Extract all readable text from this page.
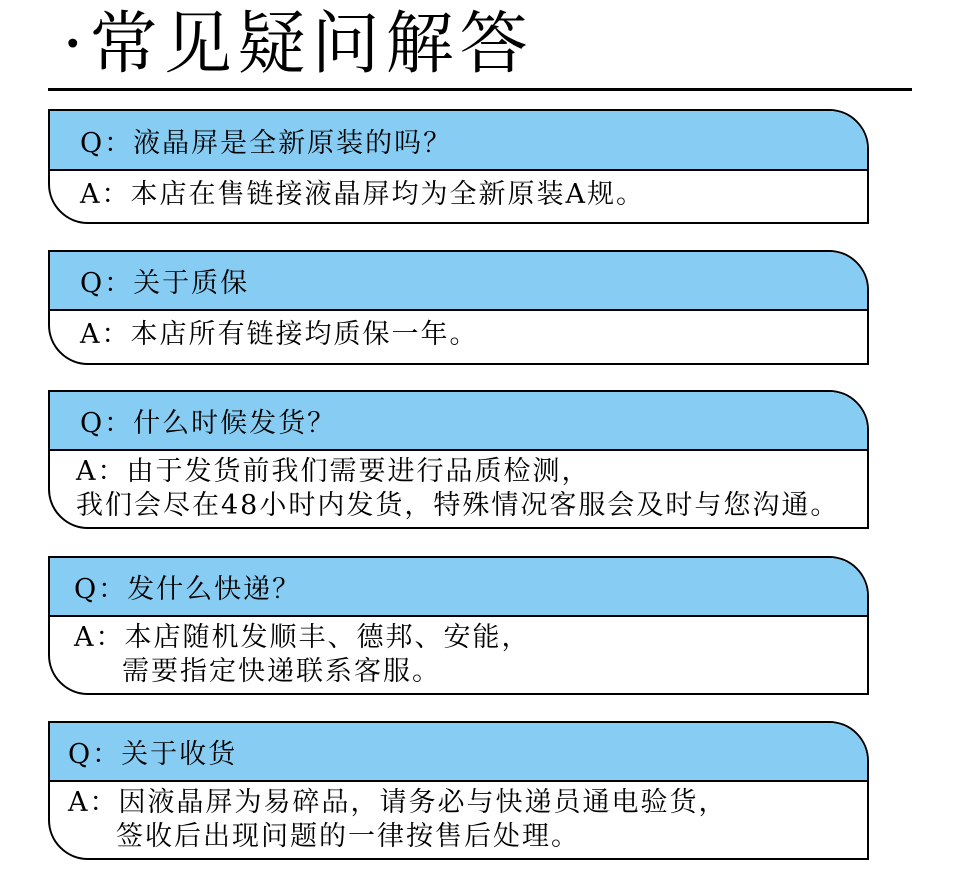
·常见疑问解答
Q：液晶屏是全新原装的吗？
A：本店在售链接液晶屏均为全新原装A规。
Q：关于质保
A：本店所有链接均质保一年。
Q：什么时候发货？
A：由于发货前我们需要进行品质检测，
我们会尽在48小时内发货，特殊情况客服会及时与您沟通。
Q：发什么快递？
A：本店随机发顺丰、德邦、安能，
需要指定快递联系客服。
Q：关于收货
A：因液晶屏为易碎品，请务必与快递员通电验货，
签收后出现问题的一律按售后处理。
